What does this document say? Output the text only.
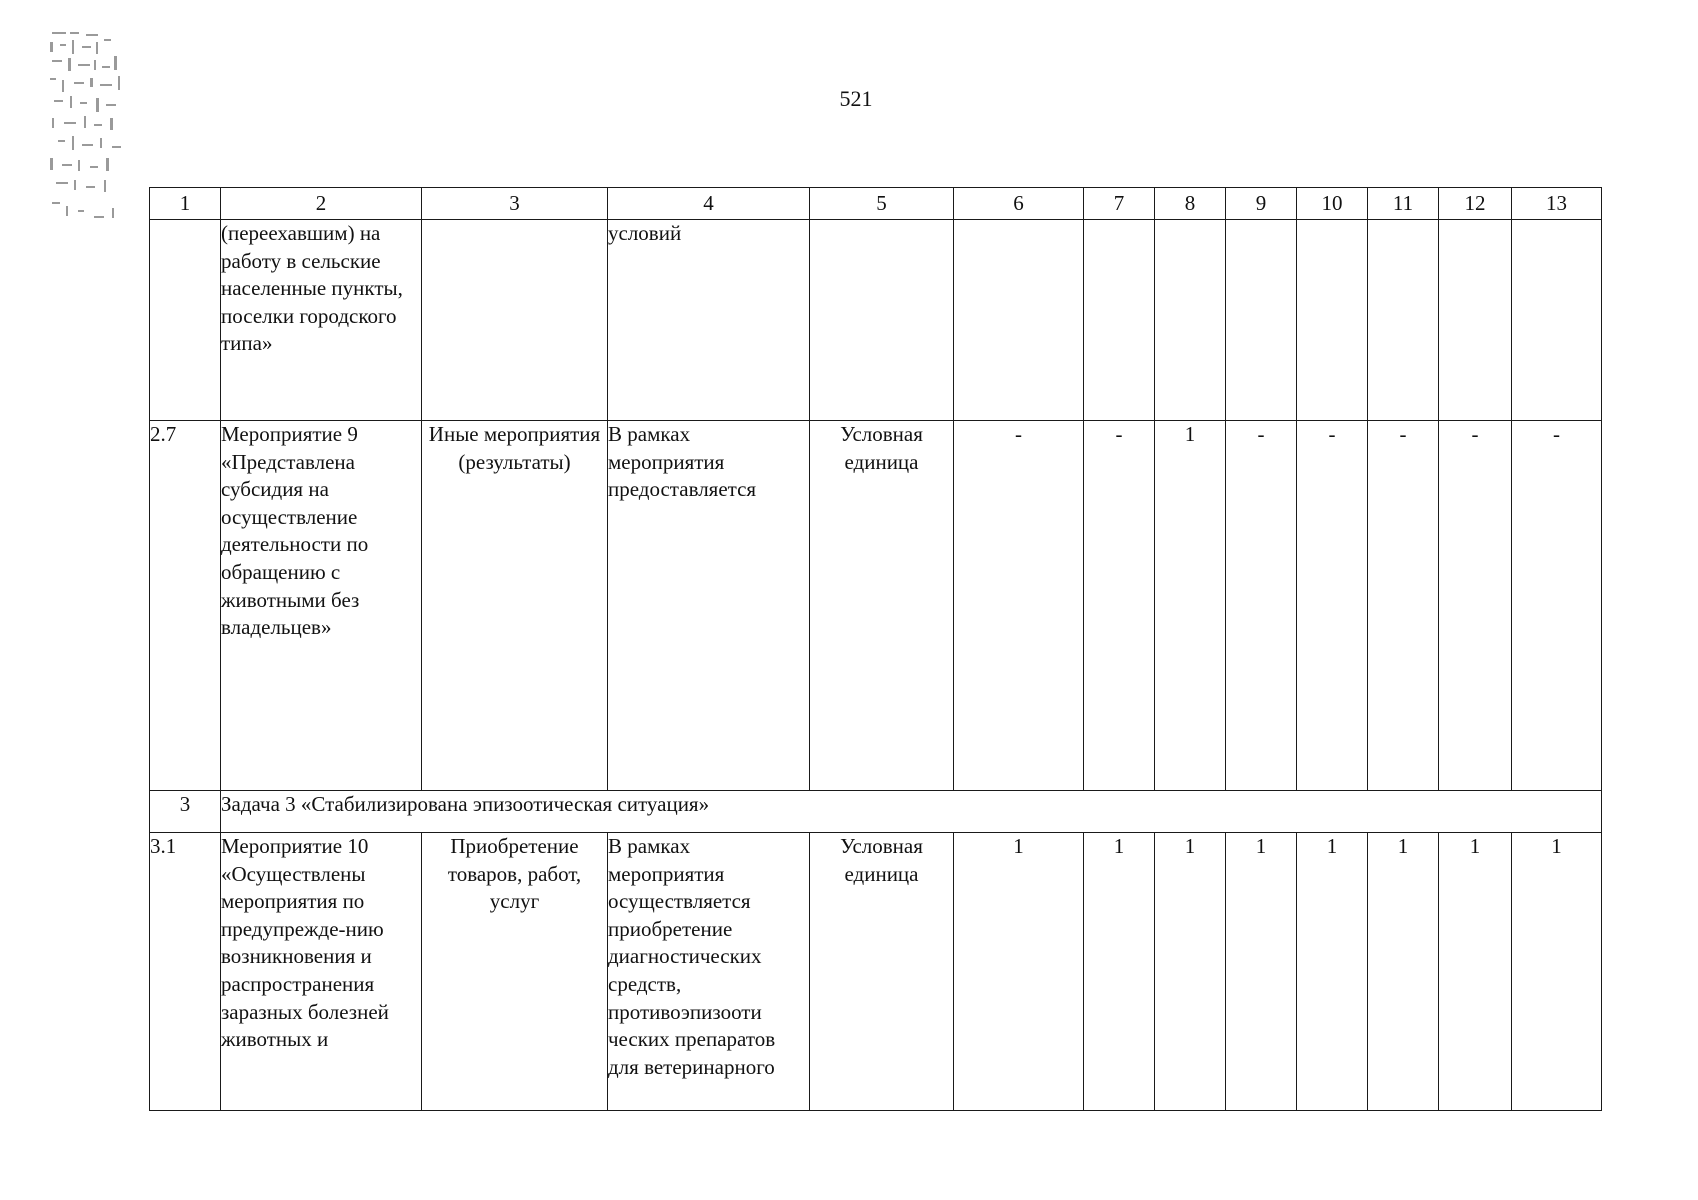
521
1	2	3	4	5	6	7	8	9	10	11	12	13
	(переехавшим) на работу в сельские населенные пункты, поселки городского типа»		условий									
2.7	Мероприятие 9 «Представлена субсидия на осуществление деятельности по обращению с животными без владельцев»	Иные мероприятия (результаты)	В рамках мероприятия предоставляется	Условная единица	-	-	1	-	-	-	-	-
3	Задача 3 «Стабилизирована эпизоотическая ситуация»											
3.1	Мероприятие 10 «Осуществлены мероприятия по предупрежде-нию возникновения и распространения заразных болезней животных и	Приобретение товаров, работ, услуг	В рамках мероприятия осуществляется приобретение диагностических средств, противоэпизооти ческих препаратов для ветеринарного	Условная единица	1	1	1	1	1	1	1	1
